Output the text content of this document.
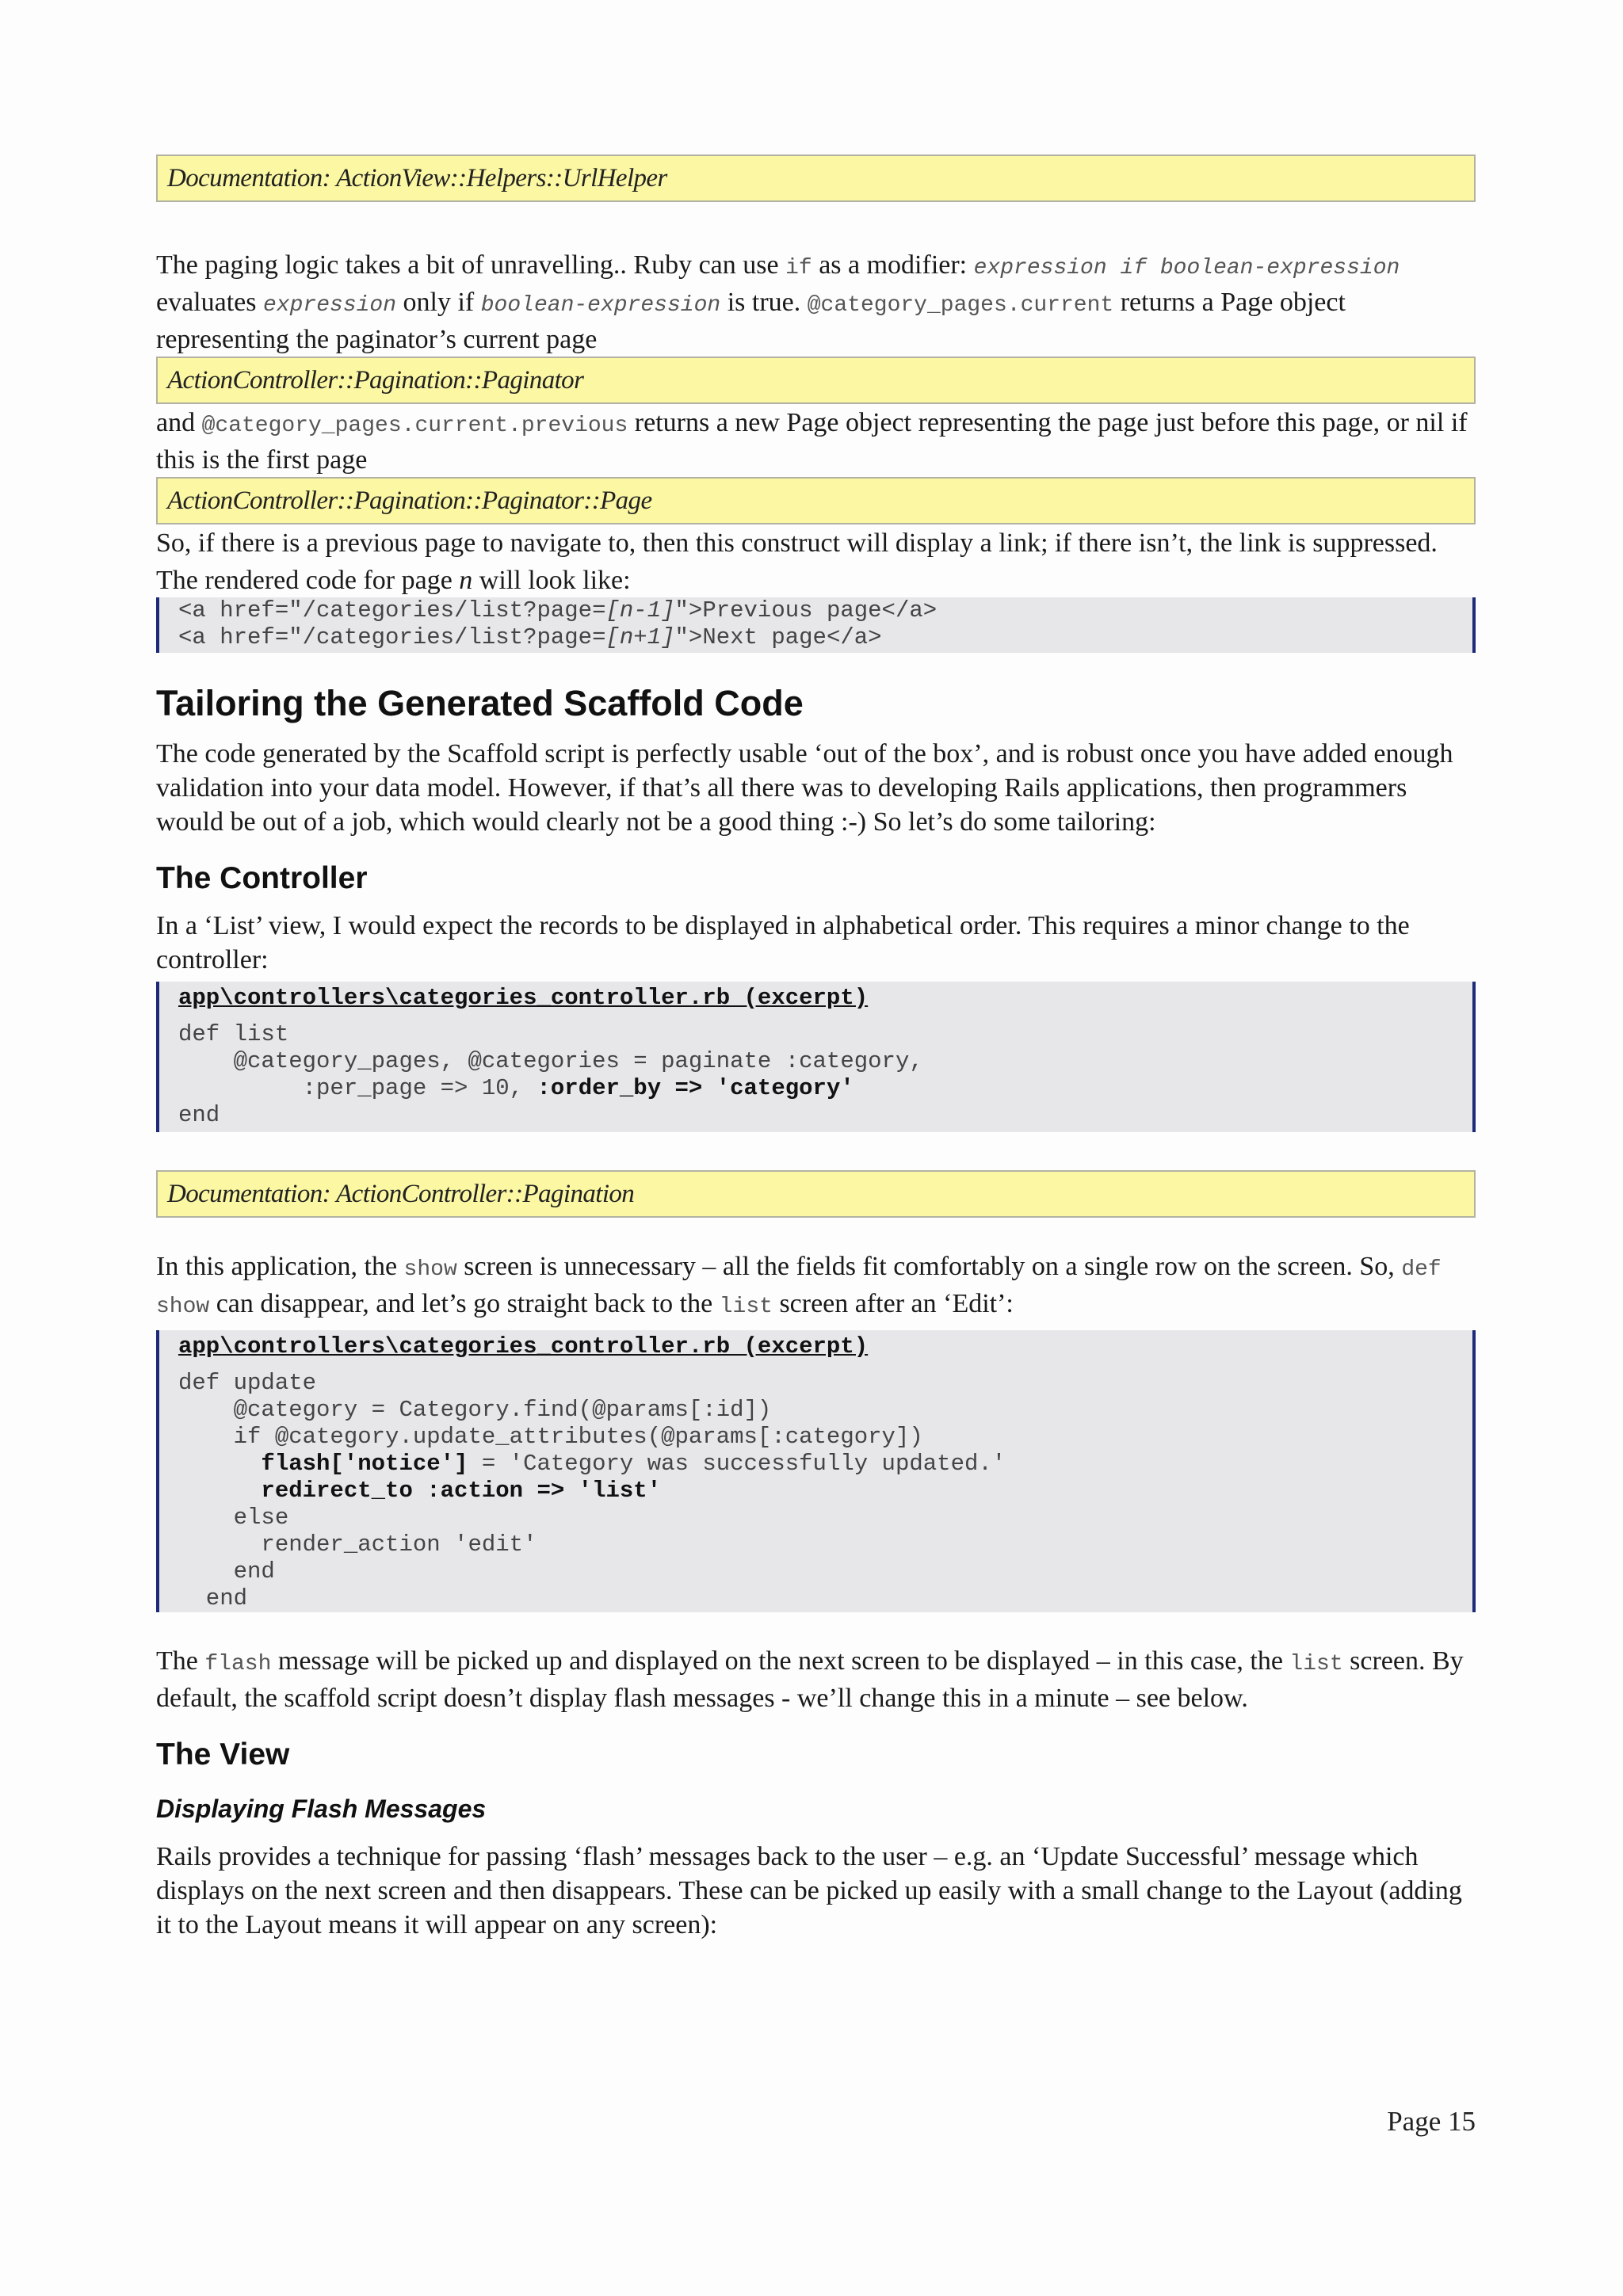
Documentation: ActionView::Helpers::UrlHelper

The paging logic takes a bit of unravelling.. Ruby can use if as a modifier: expression if boolean-expression evaluates expression only if boolean-expression is true. @category_pages.current returns a Page object representing the paginator’s current page

ActionController::Pagination::Paginator

and @category_pages.current.previous returns a new Page object representing the page just before this page, or nil if this is the first page

ActionController::Pagination::Paginator::Page

So, if there is a previous page to navigate to, then this construct will display a link; if there isn’t, the link is suppressed.

The rendered code for page n will look like:

<a href="/categories/list?page=[n-1]">Previous page</a>
<a href="/categories/list?page=[n+1]">Next page</a>
Tailoring the Generated Scaffold Code

The code generated by the Scaffold script is perfectly usable ‘out of the box’, and is robust once you have added enough validation into your data model. However, if that’s all there was to developing Rails applications, then programmers would be out of a job, which would clearly not be a good thing :-) So let’s do some tailoring:

The Controller

In a ‘List’ view, I would expect the records to be displayed in alphabetical order. This requires a minor change to the controller:

app\controllers\categories_controller.rb (excerpt)
def list
@category_pages, @categories = paginate :category,
:per_page => 10, :order_by => 'category'
end
Documentation: ActionController::Pagination

In this application, the show screen is unnecessary – all the fields fit comfortably on a single row on the screen. So, def show can disappear, and let’s go straight back to the list screen after an ‘Edit’:

app\controllers\categories_controller.rb (excerpt)
def update
@category = Category.find(@params[:id])
if @category.update_attributes(@params[:category])
flash['notice'] = 'Category was successfully updated.'
redirect_to :action => 'list'
else
render_action 'edit'
end
end

The flash message will be picked up and displayed on the next screen to be displayed – in this case, the list screen. By default, the scaffold script doesn’t display flash messages - we’ll change this in a minute – see below.

The View
Displaying Flash Messages

Rails provides a technique for passing ‘flash’ messages back to the user – e.g. an ‘Update Successful’ message which displays on the next screen and then disappears. These can be picked up easily with a small change to the Layout (adding it to the Layout means it will appear on any screen):

Page 15
